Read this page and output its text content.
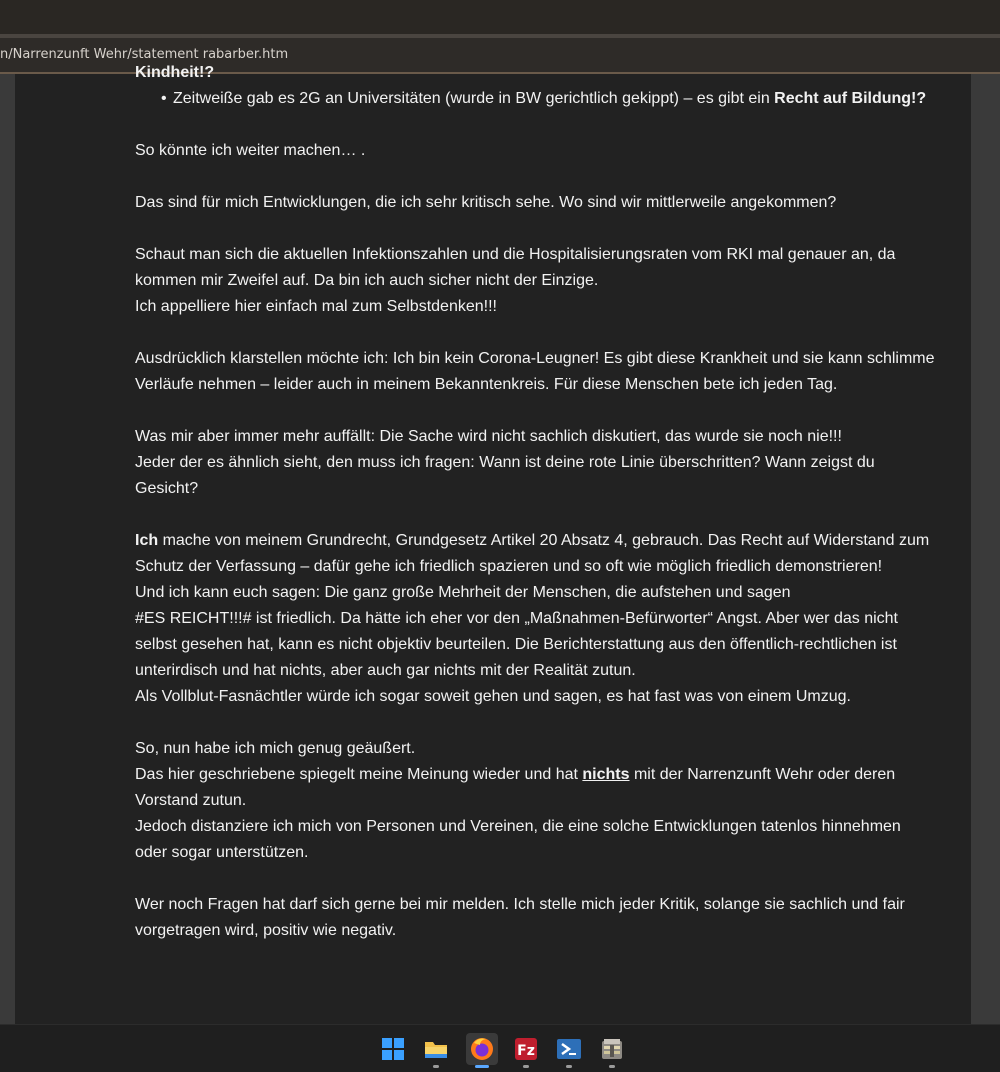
n/Narrenzunft Wehr/statement rabarber.htm
Kindheit!?
• Zeitweiße gab es 2G an Universitäten (wurde in BW gerichtlich gekippt) – es gibt ein Recht auf Bildung!?

So könnte ich weiter machen… .

Das sind für mich Entwicklungen, die ich sehr kritisch sehe. Wo sind wir mittlerweile angekommen?

Schaut man sich die aktuellen Infektionszahlen und die Hospitalisierungsraten vom RKI mal genauer an, da kommen mir Zweifel auf. Da bin ich auch sicher nicht der Einzige.
Ich appelliere hier einfach mal zum Selbstdenken!!!

Ausdrücklich klarstellen möchte ich: Ich bin kein Corona-Leugner! Es gibt diese Krankheit und sie kann schlimme Verläufe nehmen – leider auch in meinem Bekanntenkreis. Für diese Menschen bete ich jeden Tag.

Was mir aber immer mehr auffällt: Die Sache wird nicht sachlich diskutiert, das wurde sie noch nie!!!
Jeder der es ähnlich sieht, den muss ich fragen: Wann ist deine rote Linie überschritten? Wann zeigst du Gesicht?

Ich mache von meinem Grundrecht, Grundgesetz Artikel 20 Absatz 4, gebrauch. Das Recht auf Widerstand zum Schutz der Verfassung – dafür gehe ich friedlich spazieren und so oft wie möglich friedlich demonstrieren!
Und ich kann euch sagen: Die ganz große Mehrheit der Menschen, die aufstehen und sagen
#ES REICHT!!!# ist friedlich. Da hätte ich eher vor den „Maßnahmen-Befürworter“ Angst. Aber wer das nicht selbst gesehen hat, kann es nicht objektiv beurteilen. Die Berichterstattung aus den öffentlich-rechtlichen ist unterirdisch und hat nichts, aber auch gar nichts mit der Realität zutun.
Als Vollblut-Fasnächtler würde ich sogar soweit gehen und sagen, es hat fast was von einem Umzug.

So, nun habe ich mich genug geäußert.
Das hier geschriebene spiegelt meine Meinung wieder und hat nichts mit der Narrenzunft Wehr oder deren Vorstand zutun.
Jedoch distanziere ich mich von Personen und Vereinen, die eine solche Entwicklungen tatenlos hinnehmen oder sogar unterstützen.

Wer noch Fragen hat darf sich gerne bei mir melden. Ich stelle mich jeder Kritik, solange sie sachlich und fair vorgetragen wird, positiv wie negativ.

Fz
